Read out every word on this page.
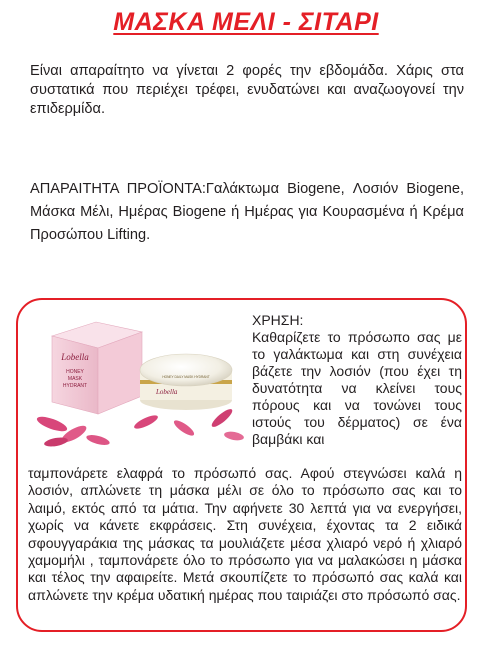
ΜΑΣΚΑ ΜΕΛΙ - ΣΙΤΑΡΙ

Είναι απαραίτητο να γίνεται 2 φορές την εβδομάδα. Χάρις στα συστατικά που περιέχει τρέφει, ενυδατώνει και αναζωογονεί την επιδερμίδα.

ΑΠΑΡΑΙΤΗΤΑ ΠΡΟΪΟΝΤΑ:Γαλάκτωμα Biogene, Λοσιόν Biogene, Μάσκα Μέλι, Ημέρας Biogene ή Ημέρας για Κουρασμένα ή Κρέμα Προσώπου Lifting.

Lobella
HONEY
MASK
HYDRANT
Lobella
HONEY DAILY MASK HYDRANT
ΧΡΗΣΗ:

Καθαρίζετε το πρόσωπο σας με το γαλάκτωμα και στη συνέχεια βάζετε την λοσιόν (που έχει τη δυνατότητα να κλείνει τους πόρους και να τονώνει τους ιστούς του δέρματος) σε ένα βαμβάκι και

ταμπονάρετε ελαφρά το πρόσωπό σας. Αφού στεγνώσει καλά η λοσιόν, απλώνετε τη μάσκα μέλι σε όλο το πρόσωπο σας και το λαιμό, εκτός από τα μάτια. Την αφήνετε 30 λεπτά για να ενεργήσει, χωρίς να κάνετε εκφράσεις. Στη συνέχεια, έχοντας τα 2 ειδικά σφουγγαράκια της μάσκας τα μουλιάζετε μέσα χλιαρό νερό ή χλιαρό χαμομήλι , ταμπονάρετε όλο το πρόσωπο για να μαλακώσει η μάσκα και τέλος την αφαιρείτε. Μετά σκουπίζετε το πρόσωπό σας καλά και απλώνετε την κρέμα υδατική ημέρας που ταιριάζει στο πρόσωπό σας.
